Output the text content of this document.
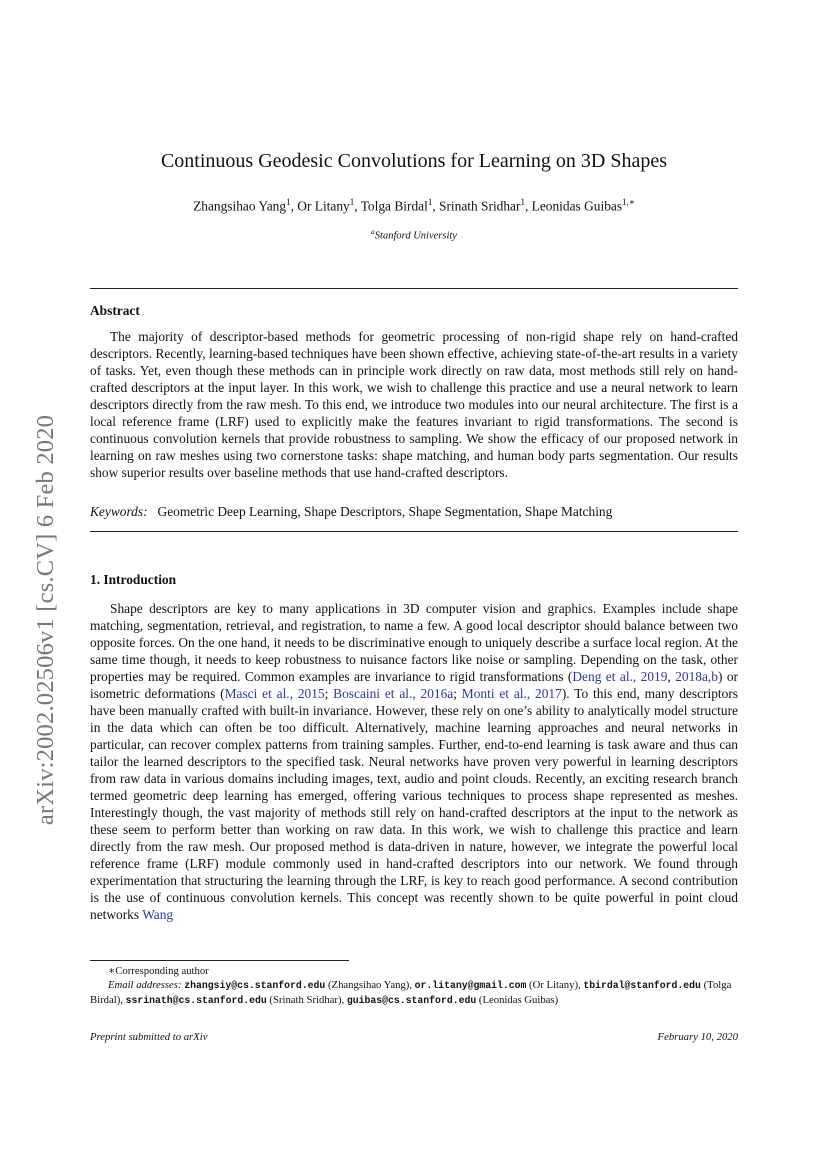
arXiv:2002.02506v1 [cs.CV] 6 Feb 2020
Continuous Geodesic Convolutions for Learning on 3D Shapes
Zhangsihao Yang$^1$, Or Litany$^1$, Tolga Birdal$^1$, Srinath Sridhar$^1$, Leonidas Guibas$^{1,∗}$
$^a$Stanford University
Abstract
The majority of descriptor-based methods for geometric processing of non-rigid shape rely on hand-crafted descriptors. Recently, learning-based techniques have been shown effective, achieving state-of-the-art results in a variety of tasks. Yet, even though these methods can in principle work directly on raw data, most methods still rely on hand-crafted descriptors at the input layer. In this work, we wish to challenge this practice and use a neural network to learn descriptors directly from the raw mesh. To this end, we introduce two modules into our neural architecture. The first is a local reference frame (LRF) used to explicitly make the features invariant to rigid transformations. The second is continuous convolution kernels that provide robustness to sampling. We show the efficacy of our proposed network in learning on raw meshes using two cornerstone tasks: shape matching, and human body parts segmentation. Our results show superior results over baseline methods that use hand-crafted descriptors.
Keywords: Geometric Deep Learning, Shape Descriptors, Shape Segmentation, Shape Matching
1. Introduction
Shape descriptors are key to many applications in 3D computer vision and graphics. Examples include shape matching, segmentation, retrieval, and registration, to name a few. A good local descriptor should balance between two opposite forces. On the one hand, it needs to be discriminative enough to uniquely describe a surface local region. At the same time though, it needs to keep robustness to nuisance factors like noise or sampling. Depending on the task, other properties may be required. Common examples are invariance to rigid transformations (Deng et al., 2019, 2018a,b) or isometric deformations (Masci et al., 2015; Boscaini et al., 2016a; Monti et al., 2017). To this end, many descriptors have been manually crafted with built-in invariance. However, these rely on one’s ability to analytically model structure in the data which can often be too difficult. Alternatively, machine learning approaches and neural networks in particular, can recover complex patterns from training samples. Further, end-to-end learning is task aware and thus can tailor the learned descriptors to the specified task. Neural networks have proven very powerful in learning descriptors from raw data in various domains including images, text, audio and point clouds. Recently, an exciting research branch termed geometric deep learning has emerged, offering various techniques to process shape represented as meshes. Interestingly though, the vast majority of methods still rely on hand-crafted descriptors at the input to the network as these seem to perform better than working on raw data. In this work, we wish to challenge this practice and learn directly from the raw mesh. Our proposed method is data-driven in nature, however, we integrate the powerful local reference frame (LRF) module commonly used in hand-crafted descriptors into our network. We found through experimentation that structuring the learning through the LRF, is key to reach good performance. A second contribution is the use of continuous convolution kernels. This concept was recently shown to be quite powerful in point cloud networks Wang
∗Corresponding author
Email addresses: zhangsiy@cs.stanford.edu (Zhangsihao Yang), or.litany@gmail.com (Or Litany), tbirdal@stanford.edu (Tolga Birdal), ssrinath@cs.stanford.edu (Srinath Sridhar), guibas@cs.stanford.edu (Leonidas Guibas)
Preprint submitted to arXiv	February 10, 2020
